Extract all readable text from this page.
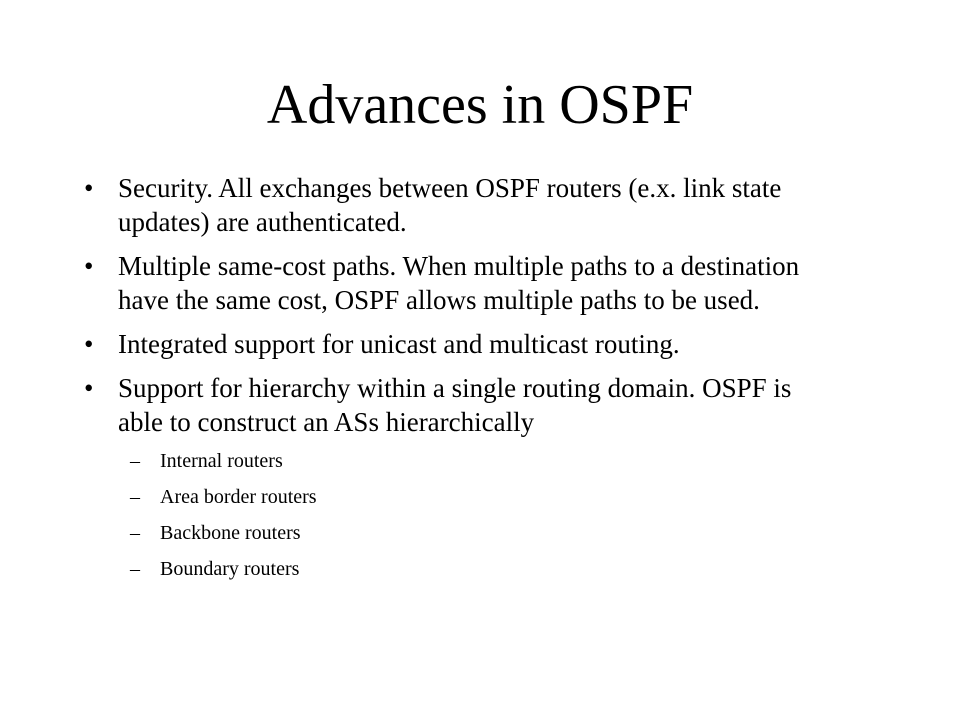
Advances in OSPF
• Security. All exchanges between OSPF routers (e.x. link state updates) are authenticated.
• Multiple same-cost paths. When multiple paths to a destination have the same cost, OSPF allows multiple paths to be used.
• Integrated support for unicast and multicast routing.
• Support for hierarchy within a single routing domain. OSPF is able to construct an ASs hierarchically
– Internal routers
– Area border routers
– Backbone routers
– Boundary routers
